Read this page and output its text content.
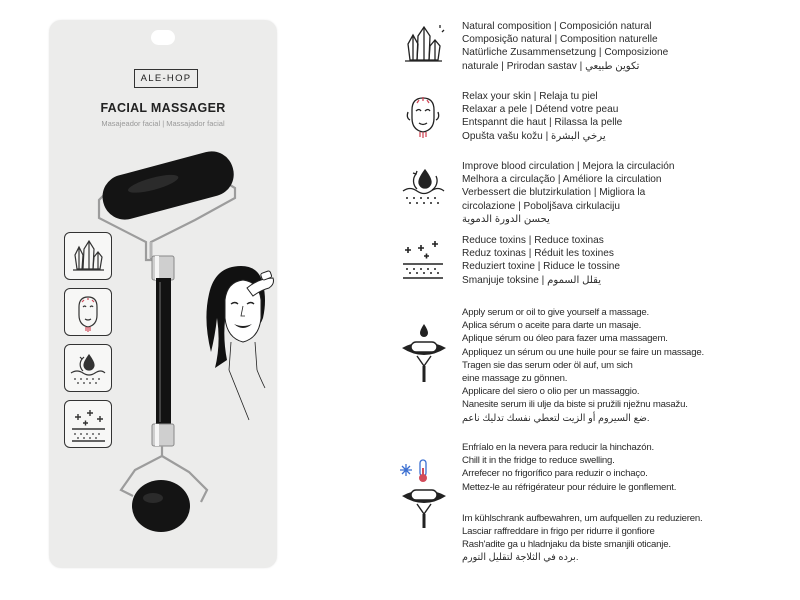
ALE-HOP
FACIAL MASSAGER
Masajeador facial | Massajador facial
Natural composition | Composición natural
Composição natural | Composition naturelle
Natürliche Zusammensetzung | Composizione
naturale | Prirodan sastav | تكوين طبيعي
Relax your skin | Relaja tu piel
Relaxar a pele | Détend votre peau
Entspannt die haut | Rilassa la pelle
Opušta vašu kožu | يرخي البشرة
Improve blood circulation | Mejora la circulación
Melhora a circulação | Améliore la circulation
Verbessert die blutzirkulation | Migliora la
circolazione | Poboljšava cirkulaciju
يحسن الدورة الدموية
Reduce toxins | Reduce toxinas
Reduz toxinas | Réduit les toxines
Reduziert toxine | Riduce le tossine
Smanjuje toksine | يقلل السموم
Apply serum or oil to give yourself a massage.
Aplica sérum o aceite para darte un masaje.
Aplique sérum ou óleo para fazer uma massagem.
Appliquez un sérum ou une huile pour se faire un massage.
Tragen sie das serum oder öl auf, um sich
eine massage zu gönnen.
Applicare del siero o olio per un massaggio.
Nanesite serum ili ulje da biste si pružili nježnu masažu.
ضع السيروم أو الزيت لتعطي نفسك تدليك ناعم.
Enfríalo en la nevera para reducir la hinchazón.
Chill it in the fridge to reduce swelling.
Arrefecer no frigorífico para reduzir o inchaço.
Mettez-le au réfrigérateur pour réduire le gonflement.
Im kühlschrank aufbewahren, um aufquellen zu reduzieren.
Lasciar raffreddare in frigo per ridurre il gonfiore
Rash'adite ga u hladnjaku da biste smanjili oticanje.
برده في الثلاجة لتقليل التورم.
